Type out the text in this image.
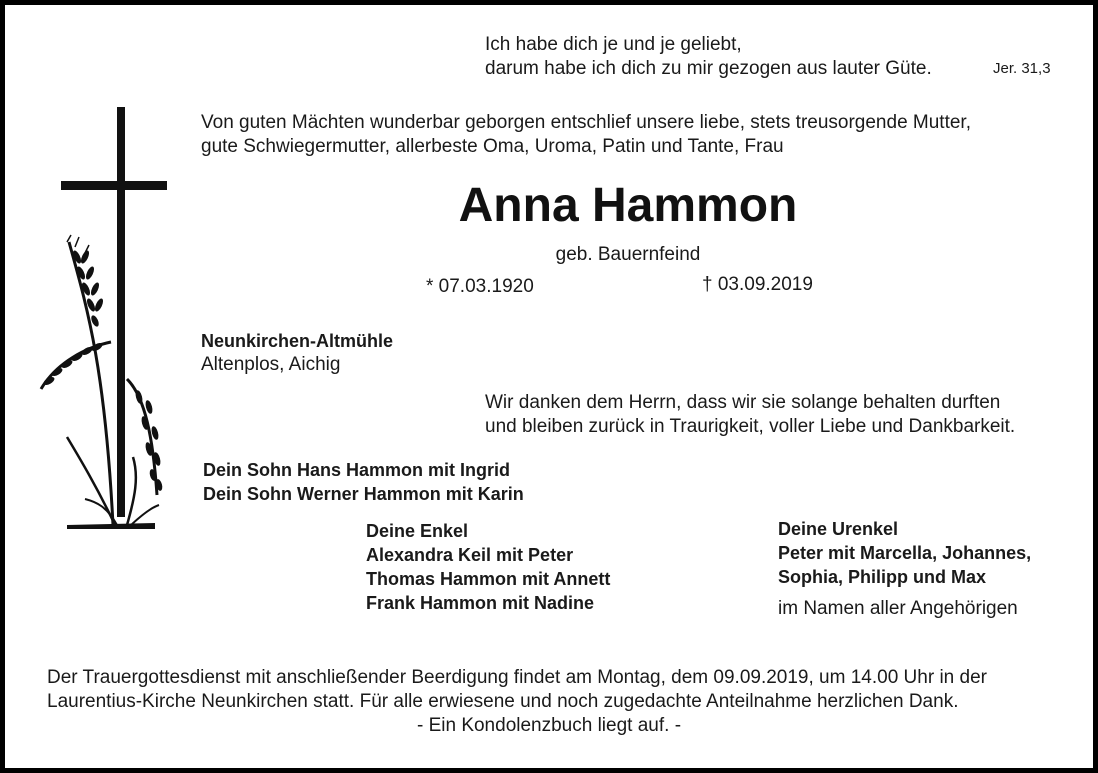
Ich habe dich je und je geliebt,
darum habe ich dich zu mir gezogen aus lauter Güte.	Jer. 31,3
Von guten Mächten wunderbar geborgen entschlief unsere liebe, stets treusorgende Mutter,
gute Schwiegermutter, allerbeste Oma, Uroma, Patin und Tante, Frau
Anna Hammon
geb. Bauernfeind
* 07.03.1920	† 03.09.2019
Neunkirchen-Altmühle
Altenplos, Aichig
Wir danken dem Herrn, dass wir sie solange behalten durften
und bleiben zurück in Traurigkeit, voller Liebe und Dankbarkeit.
Dein Sohn Hans Hammon mit Ingrid
Dein Sohn Werner Hammon mit Karin
Deine Enkel
Alexandra Keil mit Peter
Thomas Hammon mit Annett
Frank Hammon mit Nadine
Deine Urenkel
Peter mit Marcella, Johannes,
Sophia, Philipp und Max
im Namen aller Angehörigen
Der Trauergottesdienst mit anschließender Beerdigung findet am Montag, dem 09.09.2019, um 14.00 Uhr in der
Laurentius-Kirche Neunkirchen statt. Für alle erwiesene und noch zugedachte Anteilnahme herzlichen Dank.
- Ein Kondolenzbuch liegt auf. -
